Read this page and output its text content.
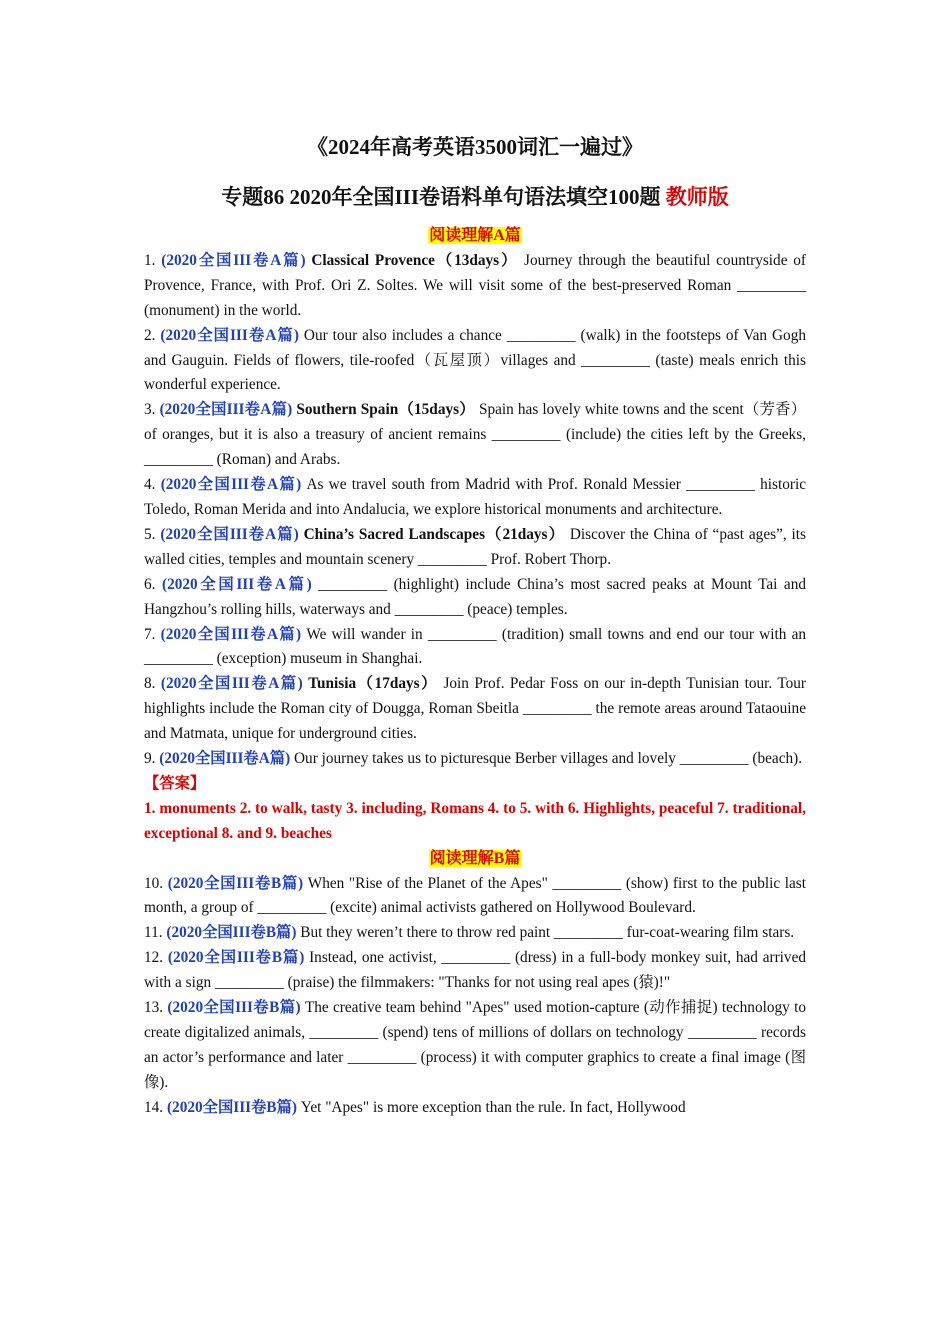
《2024年高考英语3500词汇一遍过》
专题86 2020年全国III卷语料单句语法填空100题 教师版
阅读理解A篇

1. (2020全国III卷A篇) Classical Provence（13days） Journey through the beautiful countryside of Provence, France, with Prof. Ori Z. Soltes. We will visit some of the best-preserved Roman _________ (monument) in the world.

2. (2020全国III卷A篇) Our tour also includes a chance _________ (walk) in the footsteps of Van Gogh and Gauguin. Fields of flowers, tile-roofed（瓦屋顶）villages and _________ (taste) meals enrich this wonderful experience.

3. (2020全国III卷A篇) Southern Spain（15days） Spain has lovely white towns and the scent（芳香）of oranges, but it is also a treasury of ancient remains _________ (include) the cities left by the Greeks, _________ (Roman) and Arabs.

4. (2020全国III卷A篇) As we travel south from Madrid with Prof. Ronald Messier _________ historic Toledo, Roman Merida and into Andalucia, we explore historical monuments and architecture.

5. (2020全国III卷A篇) China’s Sacred Landscapes（21days） Discover the China of “past ages”, its walled cities, temples and mountain scenery _________ Prof. Robert Thorp.

6. (2020全国III卷A篇) _________ (highlight) include China’s most sacred peaks at Mount Tai and Hangzhou’s rolling hills, waterways and _________ (peace) temples.

7. (2020全国III卷A篇) We will wander in _________ (tradition) small towns and end our tour with an _________ (exception) museum in Shanghai.

8. (2020全国III卷A篇) Tunisia（17days） Join Prof. Pedar Foss on our in-depth Tunisian tour. Tour highlights include the Roman city of Dougga, Roman Sbeitla _________ the remote areas around Tataouine and Matmata, unique for underground cities.

9. (2020全国III卷A篇) Our journey takes us to picturesque Berber villages and lovely _________ (beach).

【答案】
1. monuments 2. to walk, tasty 3. including, Romans 4. to 5. with 6. Highlights, peaceful 7. traditional, exceptional 8. and 9. beaches
阅读理解B篇

10. (2020全国III卷B篇) When "Rise of the Planet of the Apes" _________ (show) first to the public last month, a group of _________ (excite) animal activists gathered on Hollywood Boulevard.

11. (2020全国III卷B篇) But they weren’t there to throw red paint _________ fur-coat-wearing film stars.

12. (2020全国III卷B篇) Instead, one activist, _________ (dress) in a full-body monkey suit, had arrived with a sign _________ (praise) the filmmakers: "Thanks for not using real apes (猿)!"

13. (2020全国III卷B篇) The creative team behind "Apes" used motion-capture (动作捕捉) technology to create digitalized animals, _________ (spend) tens of millions of dollars on technology _________ records an actor’s performance and later _________ (process) it with computer graphics to create a final image (图像).

14. (2020全国III卷B篇) Yet "Apes" is more exception than the rule. In fact, Hollywood
